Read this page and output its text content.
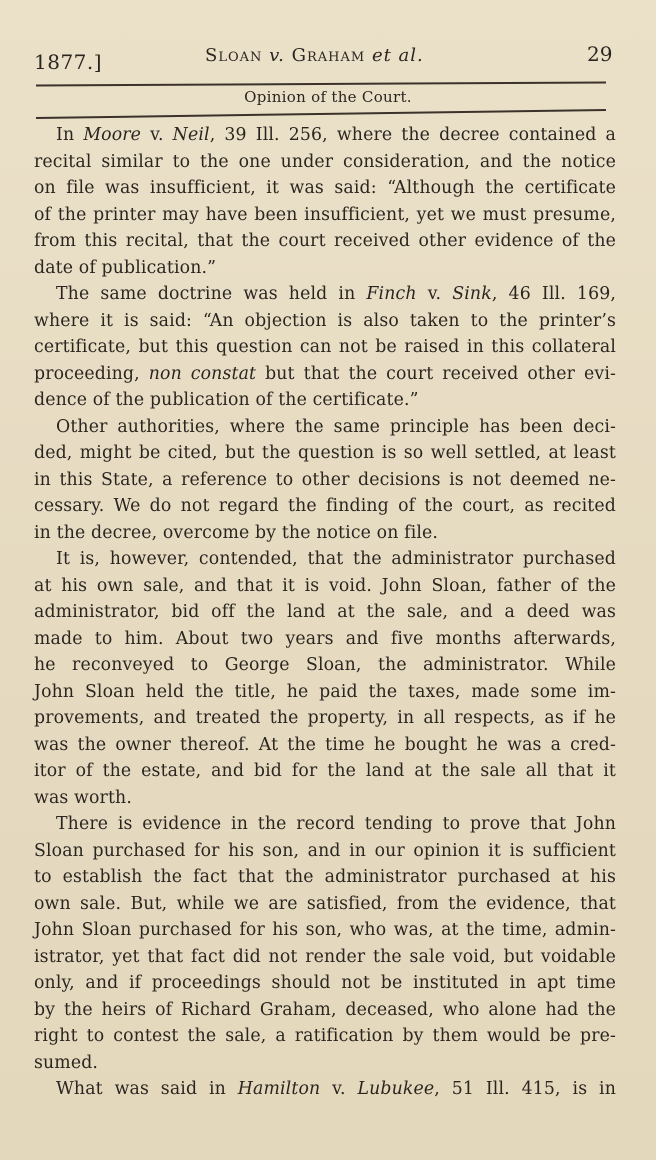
1877.]	Sloan v. Graham et al.	29
Opinion of the Court.
In Moore v. Neil, 39 Ill. 256, where the decree contained a
recital similar to the one under consideration, and the notice
on file was insufficient, it was said: “Although the certificate
of the printer may have been insufficient, yet we must presume,
from this recital, that the court received other evidence of the
date of publication.”
The same doctrine was held in Finch v. Sink, 46 Ill. 169,
where it is said: “An objection is also taken to the printer’s
certificate, but this question can not be raised in this collateral
proceeding, non constat but that the court received other evi-
dence of the publication of the certificate.”
Other authorities, where the same principle has been deci-
ded, might be cited, but the question is so well settled, at least
in this State, a reference to other decisions is not deemed ne-
cessary. We do not regard the finding of the court, as recited
in the decree, overcome by the notice on file.
It is, however, contended, that the administrator purchased
at his own sale, and that it is void. John Sloan, father of the
administrator, bid off the land at the sale, and a deed was
made to him. About two years and five months afterwards,
he reconveyed to George Sloan, the administrator. While
John Sloan held the title, he paid the taxes, made some im-
provements, and treated the property, in all respects, as if he
was the owner thereof. At the time he bought he was a cred-
itor of the estate, and bid for the land at the sale all that it
was worth.
There is evidence in the record tending to prove that John
Sloan purchased for his son, and in our opinion it is sufficient
to establish the fact that the administrator purchased at his
own sale. But, while we are satisfied, from the evidence, that
John Sloan purchased for his son, who was, at the time, admin-
istrator, yet that fact did not render the sale void, but voidable
only, and if proceedings should not be instituted in apt time
by the heirs of Richard Graham, deceased, who alone had the
right to contest the sale, a ratification by them would be pre-
sumed.
What was said in Hamilton v. Lubukee, 51 Ill. 415, is in
